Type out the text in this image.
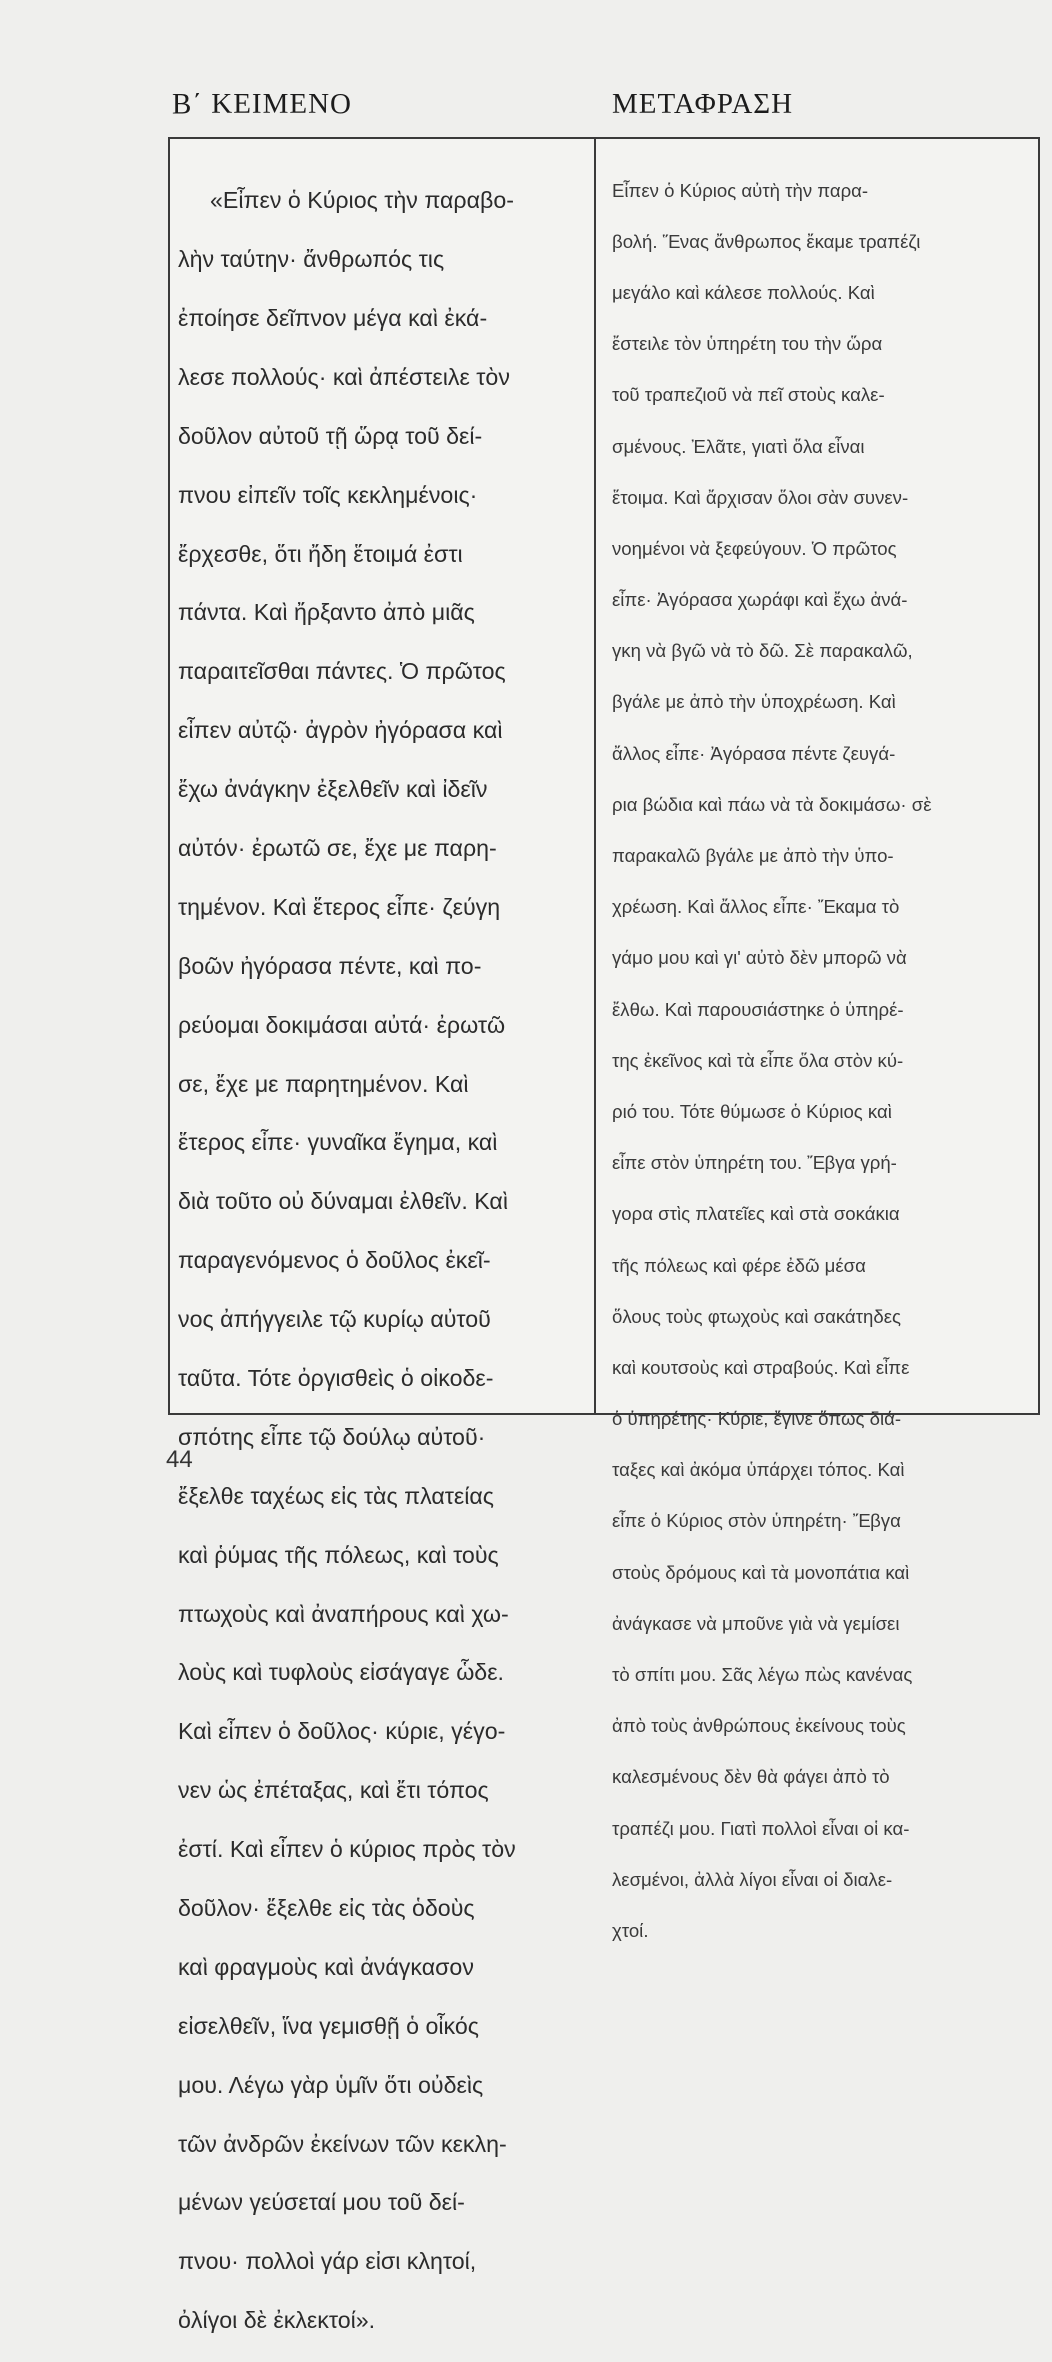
Β΄ ΚΕΙΜΕΝΟ	ΜΕΤΑΦΡΑΣΗ

«Εἶπεν ὁ Κύριος τὴν παραβο-

λὴν ταύτην· ἄνθρωπός τις

ἐποίησε δεῖπνον μέγα καὶ ἐκά-

λεσε πολλούς· καὶ ἀπέστειλε τὸν

δοῦλον αὐτοῦ τῇ ὥρᾳ τοῦ δεί-

πνου εἰπεῖν τοῖς κεκλημένοις·

ἔρχεσθε, ὅτι ἤδη ἕτοιμά ἐστι

πάντα. Καὶ ἤρξαντο ἀπὸ μιᾶς

παραιτεῖσθαι πάντες. Ὁ πρῶτος

εἶπεν αὐτῷ· ἀγρὸν ἠγόρασα καὶ

ἔχω ἀνάγκην ἐξελθεῖν καὶ ἰδεῖν

αὐτόν· ἐρωτῶ σε, ἔχε με παρη-

τημένον. Καὶ ἕτερος εἶπε· ζεύγη

βοῶν ἠγόρασα πέντε, καὶ πο-

ρεύομαι δοκιμάσαι αὐτά· ἐρωτῶ

σε, ἔχε με παρητημένον. Καὶ

ἕτερος εἶπε· γυναῖκα ἔγημα, καὶ

διὰ τοῦτο οὐ δύναμαι ἐλθεῖν. Καὶ

παραγενόμενος ὁ δοῦλος ἐκεῖ-

νος ἀπήγγειλε τῷ κυρίῳ αὐτοῦ

ταῦτα. Τότε ὀργισθεὶς ὁ οἰκοδε-

σπότης εἶπε τῷ δούλῳ αὐτοῦ·

ἔξελθε ταχέως εἰς τὰς πλατείας

καὶ ῥύμας τῆς πόλεως, καὶ τοὺς

πτωχοὺς καὶ ἀναπήρους καὶ χω-

λοὺς καὶ τυφλοὺς εἰσάγαγε ὧδε.

Καὶ εἶπεν ὁ δοῦλος· κύριε, γέγο-

νεν ὡς ἐπέταξας, καὶ ἔτι τόπος

ἐστί. Καὶ εἶπεν ὁ κύριος πρὸς τὸν

δοῦλον· ἔξελθε εἰς τὰς ὁδοὺς

καὶ φραγμοὺς καὶ ἀνάγκασον

εἰσελθεῖν, ἵνα γεμισθῇ ὁ οἶκός

μου. Λέγω γὰρ ὑμῖν ὅτι οὐδεὶς

τῶν ἀνδρῶν ἐκείνων τῶν κεκλη-

μένων γεύσεταί μου τοῦ δεί-

πνου· πολλοὶ γάρ εἰσι κλητοί,

ὀλίγοι δὲ ἐκλεκτοί».

Εἶπεν ὁ Κύριος αὐτὴ τὴν παρα-

βολή. Ἕνας ἄνθρωπος ἔκαμε τραπέζι

μεγάλο καὶ κάλεσε πολλούς. Καὶ

ἔστειλε τὸν ὑπηρέτη του τὴν ὥρα

τοῦ τραπεζιοῦ νὰ πεῖ στοὺς καλε-

σμένους. Ἐλᾶτε, γιατὶ ὅλα εἶναι

ἕτοιμα. Καὶ ἄρχισαν ὅλοι σὰν συνεν-

νοημένοι νὰ ξεφεύγουν. Ὁ πρῶτος

εἶπε· Ἀγόρασα χωράφι καὶ ἔχω ἀνά-

γκη νὰ βγῶ νὰ τὸ δῶ. Σὲ παρακαλῶ,

βγάλε με ἀπὸ τὴν ὑποχρέωση. Καὶ

ἄλλος εἶπε· Ἀγόρασα πέντε ζευγά-

ρια βώδια καὶ πάω νὰ τὰ δοκιμάσω· σὲ

παρακαλῶ βγάλε με ἀπὸ τὴν ὑπο-

χρέωση. Καὶ ἄλλος εἶπε· Ἔκαμα τὸ

γάμο μου καὶ γι' αὐτὸ δὲν μπορῶ νὰ

ἔλθω. Καὶ παρουσιάστηκε ὁ ὑπηρέ-

της ἐκεῖνος καὶ τὰ εἶπε ὅλα στὸν κύ-

ριό του. Τότε θύμωσε ὁ Κύριος καὶ

εἶπε στὸν ὑπηρέτη του. Ἔβγα γρή-

γορα στὶς πλατεῖες καὶ στὰ σοκάκια

τῆς πόλεως καὶ φέρε ἐδῶ μέσα

ὅλους τοὺς φτωχοὺς καὶ σακάτηδες

καὶ κουτσοὺς καὶ στραβούς. Καὶ εἶπε

ὁ ὑπηρέτης· Κύριε, ἔγινε ὅπως διά-

ταξες καὶ ἀκόμα ὑπάρχει τόπος. Καὶ

εἶπε ὁ Κύριος στὸν ὑπηρέτη· Ἔβγα

στοὺς δρόμους καὶ τὰ μονοπάτια καὶ

ἀνάγκασε νὰ μποῦνε γιὰ νὰ γεμίσει

τὸ σπίτι μου. Σᾶς λέγω πὼς κανένας

ἀπὸ τοὺς ἀνθρώπους ἐκείνους τοὺς

καλεσμένους δὲν θὰ φάγει ἀπὸ τὸ

τραπέζι μου. Γιατὶ πολλοὶ εἶναι οἱ κα-

λεσμένοι, ἀλλὰ λίγοι εἶναι οἱ διαλε-

χτοί.

44
